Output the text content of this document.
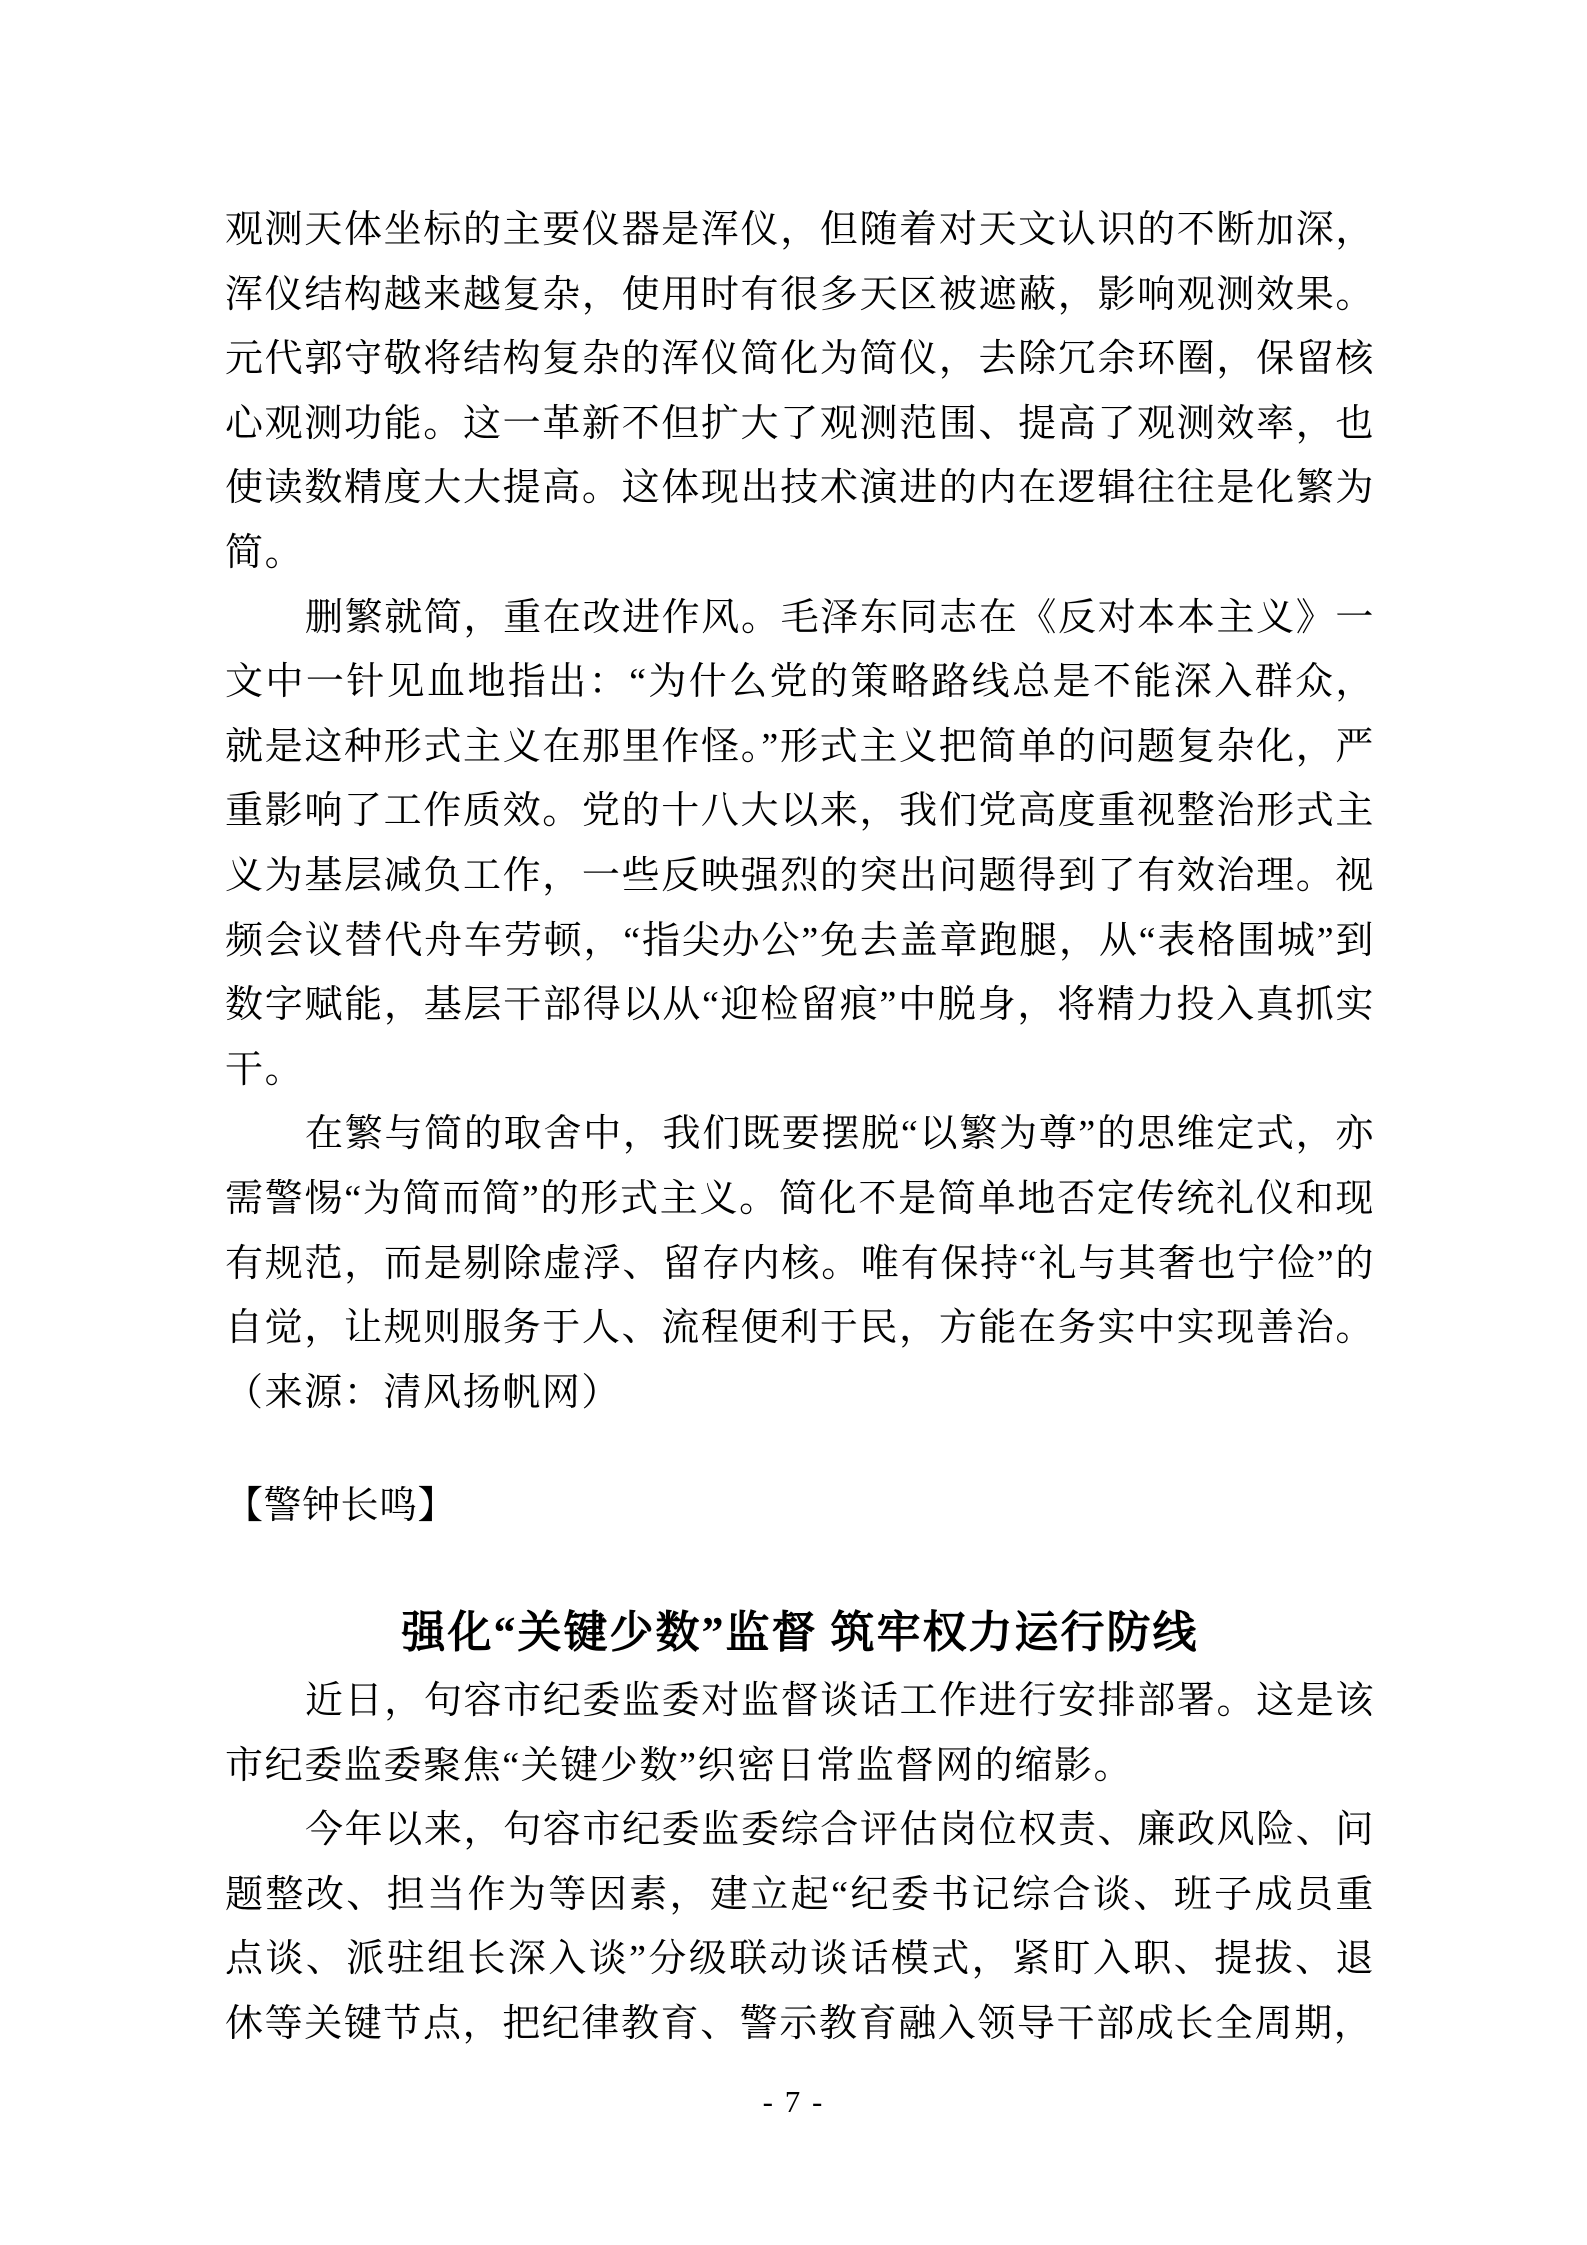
观测天体坐标的主要仪器是浑仪，但随着对天文认识的不断加深，浑仪结构越来越复杂，使用时有很多天区被遮蔽，影响观测效果。元代郭守敬将结构复杂的浑仪简化为简仪，去除冗余环圈，保留核心观测功能。这一革新不但扩大了观测范围、提高了观测效率，也使读数精度大大提高。这体现出技术演进的内在逻辑往往是化繁为简。

删繁就简，重在改进作风。毛泽东同志在《反对本本主义》一文中一针见血地指出：“为什么党的策略路线总是不能深入群众，就是这种形式主义在那里作怪。”形式主义把简单的问题复杂化，严重影响了工作质效。党的十八大以来，我们党高度重视整治形式主义为基层减负工作，一些反映强烈的突出问题得到了有效治理。视频会议替代舟车劳顿，“指尖办公”免去盖章跑腿，从“表格围城”到数字赋能，基层干部得以从“迎检留痕”中脱身，将精力投入真抓实干。

在繁与简的取舍中，我们既要摆脱“以繁为尊”的思维定式，亦需警惕“为简而简”的形式主义。简化不是简单地否定传统礼仪和现有规范，而是剔除虚浮、留存内核。唯有保持“礼与其奢也宁俭”的自觉，让规则服务于人、流程便利于民，方能在务实中实现善治。（来源：清风扬帆网）

【警钟长鸣】
强化“关键少数”监督 筑牢权力运行防线

近日，句容市纪委监委对监督谈话工作进行安排部署。这是该市纪委监委聚焦“关键少数”织密日常监督网的缩影。

今年以来，句容市纪委监委综合评估岗位权责、廉政风险、问题整改、担当作为等因素，建立起“纪委书记综合谈、班子成员重点谈、派驻组长深入谈”分级联动谈话模式，紧盯入职、提拔、退休等关键节点，把纪律教育、警示教育融入领导干部成长全周期，

- 7 -
